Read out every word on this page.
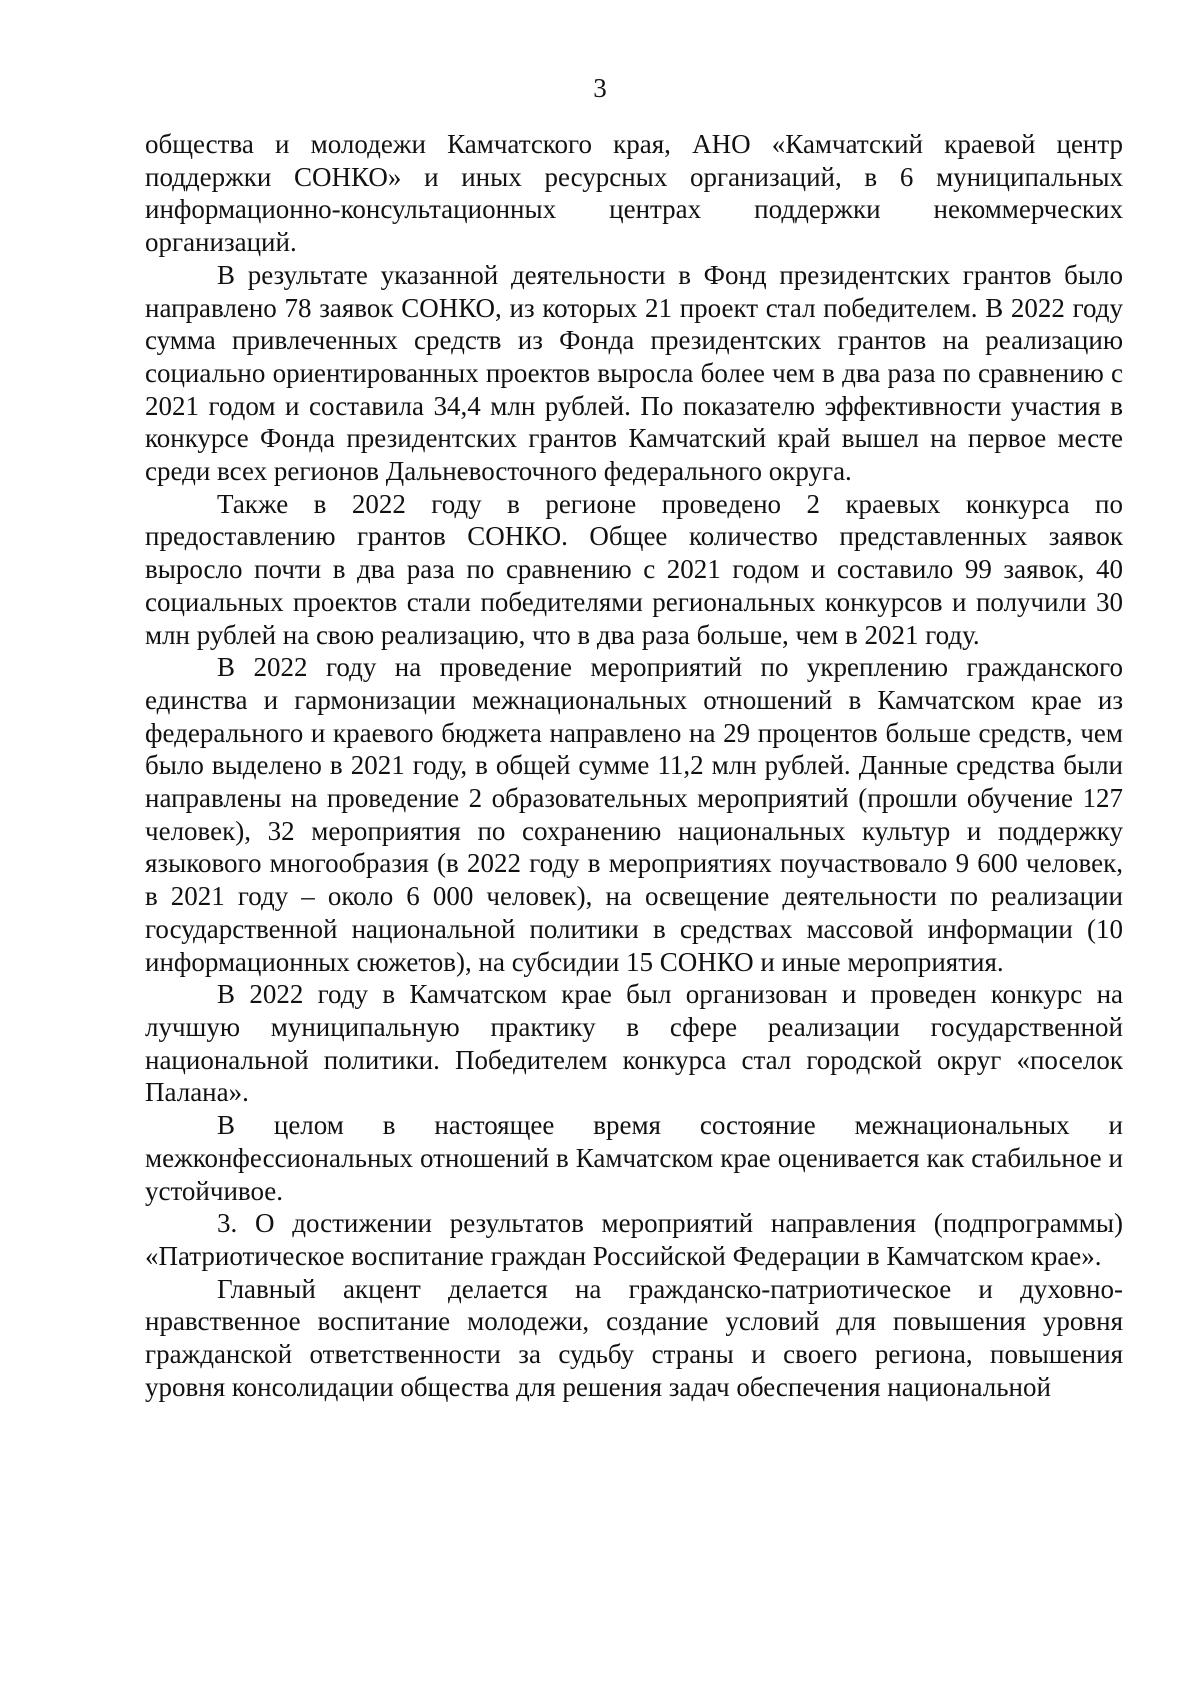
3

общества и молодежи Камчатского края, АНО «Камчатский краевой центр поддержки СОНКО» и иных ресурсных организаций, в 6 муниципальных информационно-консультационных центрах поддержки некоммерческих организаций.

В результате указанной деятельности в Фонд президентских грантов было направлено 78 заявок СОНКО, из которых 21 проект стал победителем. В 2022 году сумма привлеченных средств из Фонда президентских грантов на реализацию социально ориентированных проектов выросла более чем в два раза по сравнению с 2021 годом и составила 34,4 млн рублей. По показателю эффективности участия в конкурсе Фонда президентских грантов Камчатский край вышел на первое месте среди всех регионов Дальневосточного федерального округа.

Также в 2022 году в регионе проведено 2 краевых конкурса по предоставлению грантов СОНКО. Общее количество представленных заявок выросло почти в два раза по сравнению с 2021 годом и составило 99 заявок, 40 социальных проектов стали победителями региональных конкурсов и получили 30 млн рублей на свою реализацию, что в два раза больше, чем в 2021 году.

В 2022 году на проведение мероприятий по укреплению гражданского единства и гармонизации межнациональных отношений в Камчатском крае из федерального и краевого бюджета направлено на 29 процентов больше средств, чем было выделено в 2021 году, в общей сумме 11,2 млн рублей. Данные средства были направлены на проведение 2 образовательных мероприятий (прошли обучение 127 человек), 32 мероприятия по сохранению национальных культур и поддержку языкового многообразия (в 2022 году в мероприятиях поучаствовало 9 600 человек, в 2021 году – около 6 000 человек), на освещение деятельности по реализации государственной национальной политики в средствах массовой информации (10 информационных сюжетов), на субсидии 15 СОНКО и иные мероприятия.

В 2022 году в Камчатском крае был организован и проведен конкурс на лучшую муниципальную практику в сфере реализации государственной национальной политики. Победителем конкурса стал городской округ «поселок Палана».

В целом в настоящее время состояние межнациональных и межконфессиональных отношений в Камчатском крае оценивается как стабильное и устойчивое.

3. О достижении результатов мероприятий направления (подпрограммы) «Патриотическое воспитание граждан Российской Федерации в Камчатском крае».

Главный акцент делается на гражданско-патриотическое и духовно-нравственное воспитание молодежи, создание условий для повышения уровня гражданской ответственности за судьбу страны и своего региона, повышения уровня консолидации общества для решения задач обеспечения национальной
